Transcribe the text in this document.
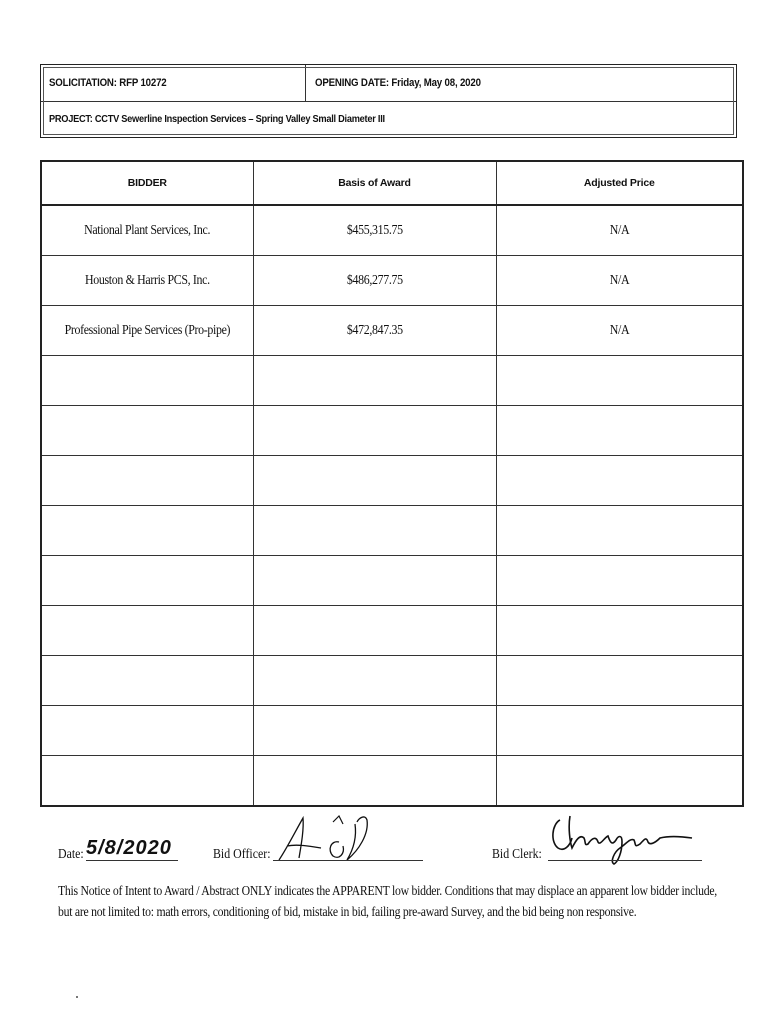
SOLICITATION: RFP 10272	OPENING DATE: Friday, May 08, 2020
PROJECT: CCTV Sewerline Inspection Services – Spring Valley Small Diameter III
BIDDER	Basis of Award	Adjusted Price
National Plant Services, Inc.	$455,315.75	N/A
Houston & Harris PCS, Inc.	$486,277.75	N/A
Professional Pipe Services (Pro-pipe)	$472,847.35	N/A

Date: 5/8/2020	Bid Officer:	Bid Clerk:

This Notice of Intent to Award / Abstract ONLY indicates the APPARENT low bidder. Conditions that may displace an apparent low bidder include, but are not limited to: math errors, conditioning of bid, mistake in bid, failing pre-award Survey, and the bid being non responsive.
